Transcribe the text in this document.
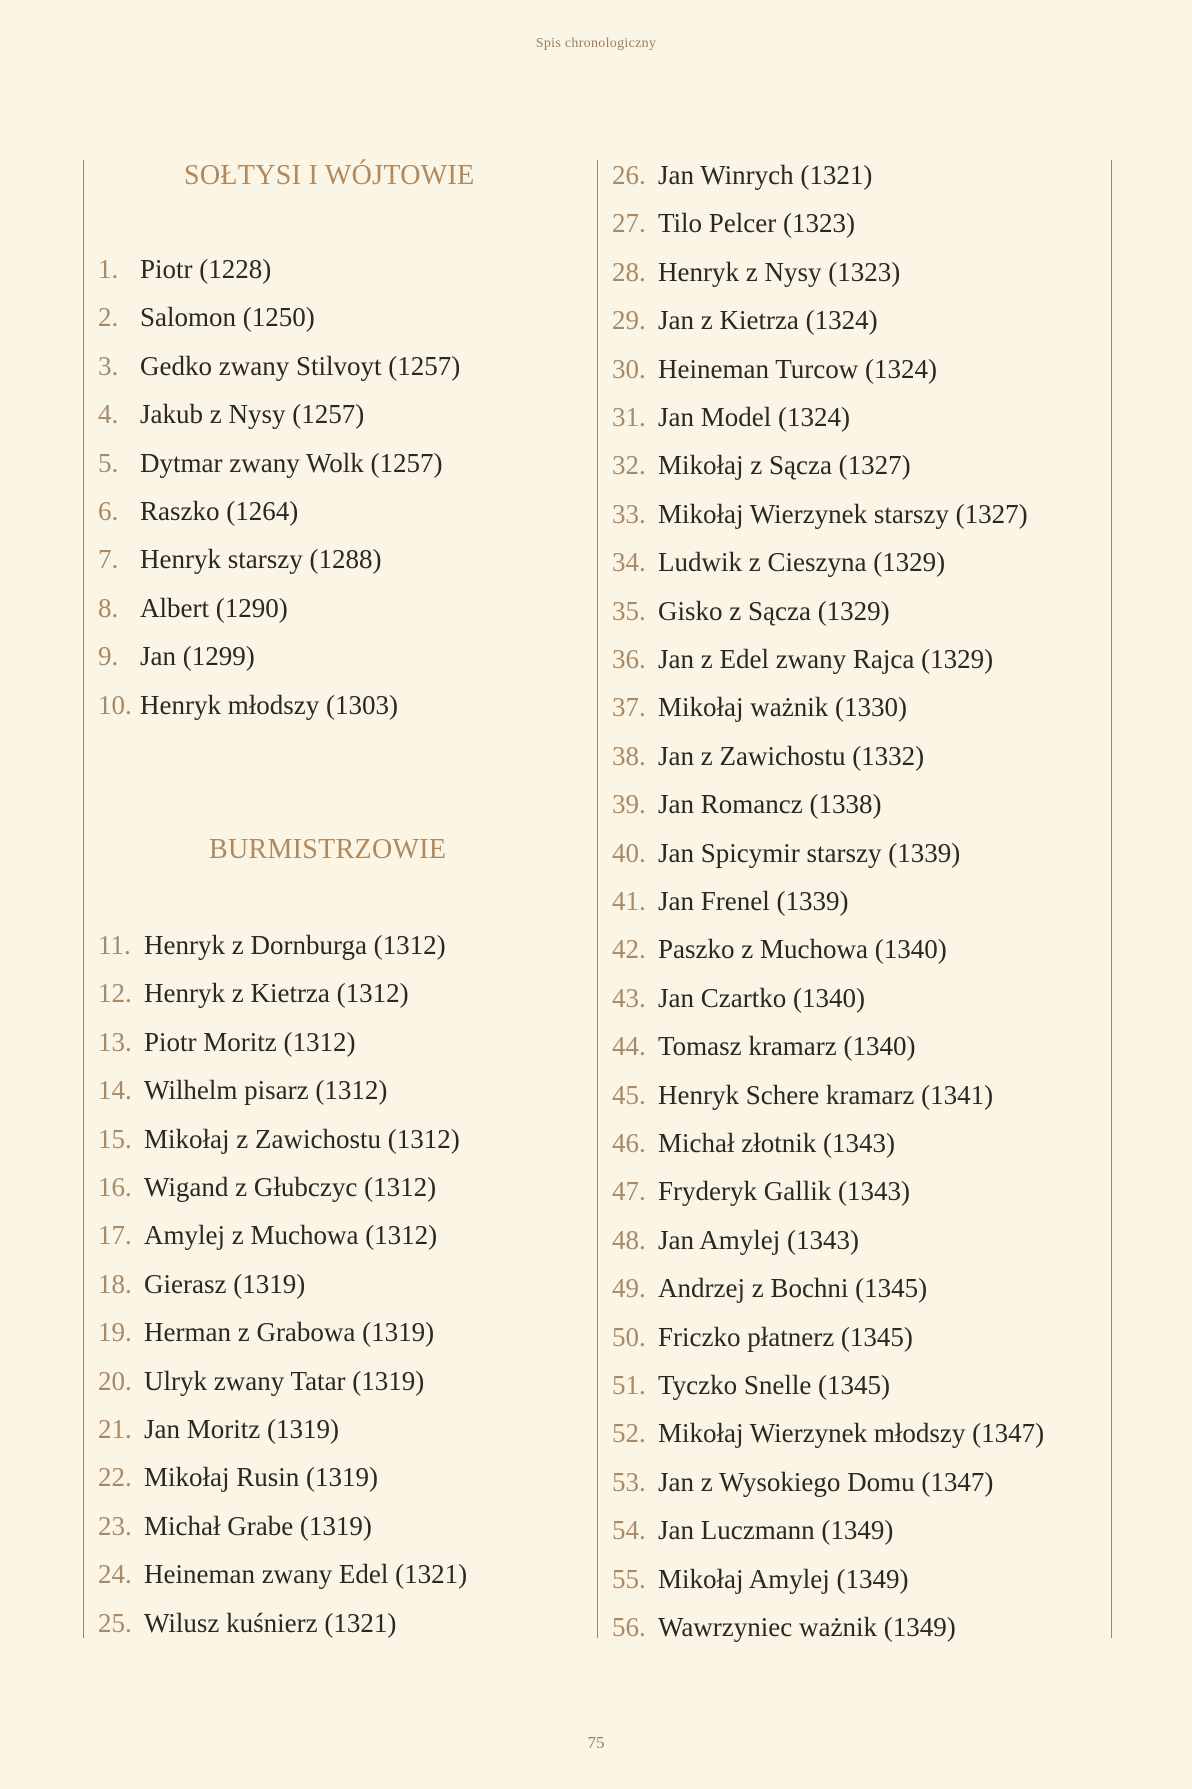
Spis chronologiczny
SOŁTYSI I WÓJTOWIE
BURMISTRZOWIE
1. Piotr (1228)
2. Salomon (1250)
3. Gedko zwany Stilvoyt (1257)
4. Jakub z Nysy (1257)
5. Dytmar zwany Wolk (1257)
6. Raszko (1264)
7. Henryk starszy (1288)
8. Albert (1290)
9. Jan (1299)
10. Henryk młodszy (1303)
11. Henryk z Dornburga (1312)
12. Henryk z Kietrza (1312)
13. Piotr Moritz (1312)
14. Wilhelm pisarz (1312)
15. Mikołaj z Zawichostu (1312)
16. Wigand z Głubczyc (1312)
17. Amylej z Muchowa (1312)
18. Gierasz (1319)
19. Herman z Grabowa (1319)
20. Ulryk zwany Tatar (1319)
21. Jan Moritz (1319)
22. Mikołaj Rusin (1319)
23. Michał Grabe (1319)
24. Heineman zwany Edel (1321)
25. Wilusz kuśnierz (1321)
26. Jan Winrych (1321)
27. Tilo Pelcer (1323)
28. Henryk z Nysy (1323)
29. Jan z Kietrza (1324)
30. Heineman Turcow (1324)
31. Jan Model (1324)
32. Mikołaj z Sącza (1327)
33. Mikołaj Wierzynek starszy (1327)
34. Ludwik z Cieszyna (1329)
35. Gisko z Sącza (1329)
36. Jan z Edel zwany Rajca (1329)
37. Mikołaj ważnik (1330)
38. Jan z Zawichostu (1332)
39. Jan Romancz (1338)
40. Jan Spicymir starszy (1339)
41. Jan Frenel (1339)
42. Paszko z Muchowa (1340)
43. Jan Czartko (1340)
44. Tomasz kramarz (1340)
45. Henryk Schere kramarz (1341)
46. Michał złotnik (1343)
47. Fryderyk Gallik (1343)
48. Jan Amylej (1343)
49. Andrzej z Bochni (1345)
50. Friczko płatnerz (1345)
51. Tyczko Snelle (1345)
52. Mikołaj Wierzynek młodszy (1347)
53. Jan z Wysokiego Domu (1347)
54. Jan Luczmann (1349)
55. Mikołaj Amylej (1349)
56. Wawrzyniec ważnik (1349)
75
